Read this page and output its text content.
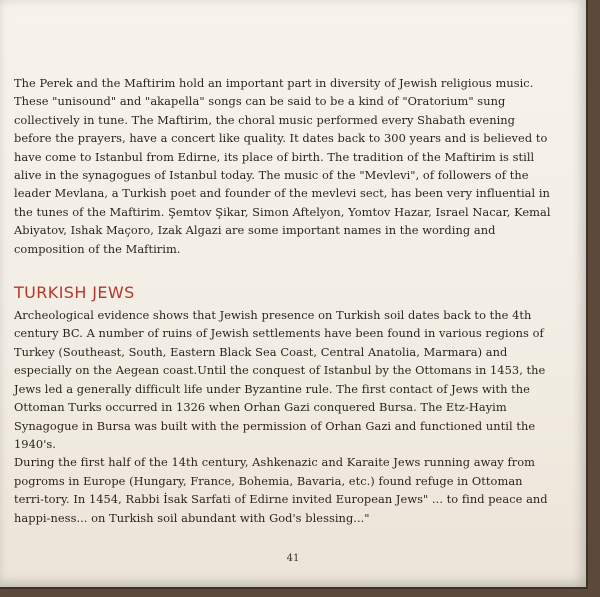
The Perek and the Maftirim hold an important part in diversity of Jewish religious music. These "unisound" and "akapella" songs can be said to be a kind of "Oratorium" sung collectively in tune. The Maftirim, the choral music performed every Shabath evening before the prayers, have a concert like quality. It dates back to 300 years and is believed to have come to Istanbul from Edirne, its place of birth. The tradition of the Maftirim is still alive in the synagogues of Istanbul today. The music of the "Mevlevi", of followers of the leader Mevlana, a Turkish poet and founder of the mevlevi sect, has been very influential in the tunes of the Maftirim. Şemtov Şikar, Simon Aftelyon, Yomtov Hazar, Israel Nacar, Kemal Abiyatov, Ishak Maçoro, Izak Algazi are some important names in the wording and composition of the Maftirim.

TURKISH JEWS

Archeological evidence shows that Jewish presence on Turkish soil dates back to the 4th century BC. A number of ruins of Jewish settlements have been found in various regions of Turkey (Southeast, South, Eastern Black Sea Coast, Central Anatolia, Marmara) and especially on the Aegean coast.Until the conquest of Istanbul by the Ottomans in 1453, the Jews led a generally difficult life under Byzantine rule. The first contact of Jews with the Ottoman Turks occurred in 1326 when Orhan Gazi conquered Bursa. The Etz-Hayim Synagogue in Bursa was built with the permission of Orhan Gazi and functioned until the 1940's.

During the first half of the 14th century, Ashkenazic and Karaite Jews running away from pogroms in Europe (Hungary, France, Bohemia, Bavaria, etc.) found refuge in Ottoman terri-tory. In 1454, Rabbi İsak Sarfati of Edirne invited European Jews" ... to find peace and happi-ness... on Turkish soil abundant with God's blessing..."

41
